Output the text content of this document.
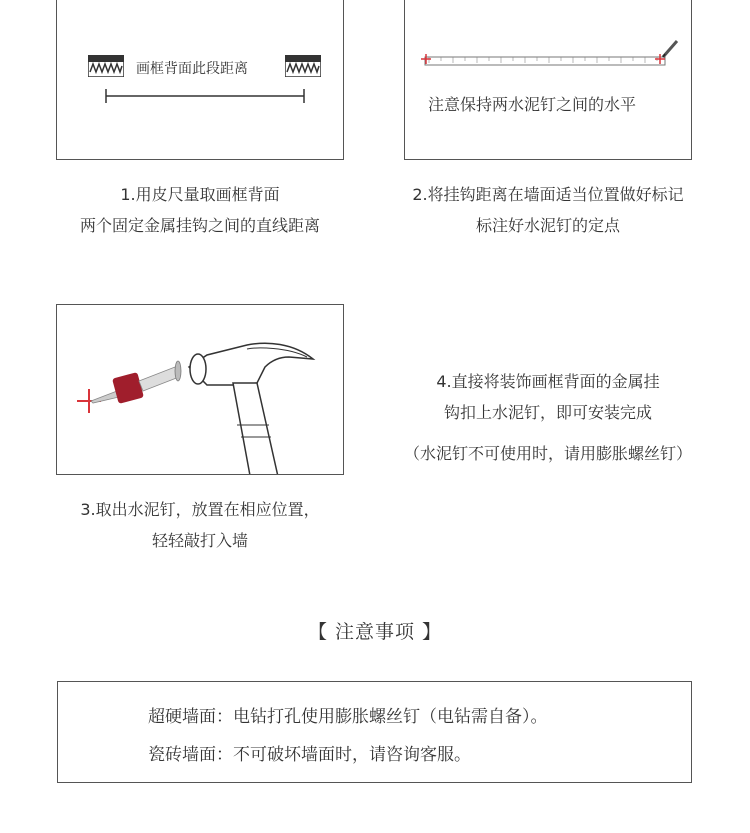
画框背面此段距离
1.用皮尺量取画框背面
两个固定金属挂钩之间的直线距离
注意保持两水泥钉之间的水平
2.将挂钩距离在墙面适当位置做好标记
标注好水泥钉的定点
3.取出水泥钉，放置在相应位置，
轻轻敲打入墙
4.直接将装饰画框背面的金属挂
钩扣上水泥钉，即可安装完成
（水泥钉不可使用时，请用膨胀螺丝钉）
【 注意事项 】
超硬墙面：电钻打孔使用膨胀螺丝钉（电钻需自备）。
瓷砖墙面：不可破坏墙面时，请咨询客服。
